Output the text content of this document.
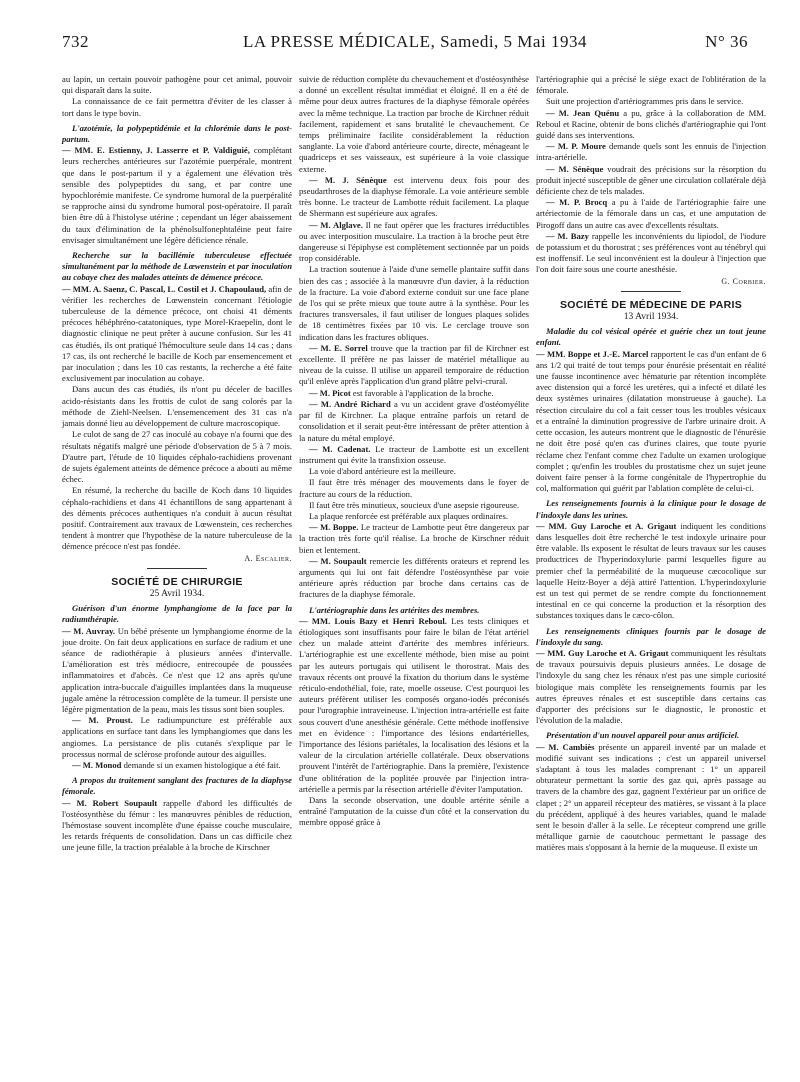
732	LA PRESSE MÉDICALE, Samedi, 5 Mai 1934	N° 36

au lapin, un certain pouvoir pathogène pour cet animal, pouvoir qui disparaît dans la suite.

La connaissance de ce fait permettra d'éviter de les classer à tort dans le type bovin.

L'azotémie, la polypeptidémie et la chlorémie dans le post-partum.
— MM. E. Estienny, J. Lasserre et P. Valdiguié, complétant leurs recherches antérieures sur l'azotémie puerpérale, montrent que dans le post-partum il y a également une élévation très sensible des polypeptides du sang, et par contre une hypochlorémie manifeste. Ce syndrome humoral de la puerpéralité se rapproche ainsi du syndrome humoral post-opératoire. Il paraît bien être dû à l'histolyse utérine ; cependant un léger abaissement du taux d'élimination de la phénolsulfonephtaléine peut faire envisager simultanément une légère déficience rénale.

Recherche sur la bacillémie tuberculeuse effectuée simultanément par la méthode de Lœwenstein et par inoculation au cobaye chez des malades atteints de démence précoce.
— MM. A. Saenz, C. Pascal, L. Costil et J. Chapoulaud, afin de vérifier les recherches de Lœwenstein concernant l'étiologie tuberculeuse de la démence précoce, ont choisi 41 déments précoces hébéphréno-catatoniques, type Morel-Kraepelin, dont le diagnostic clinique ne peut prêter à aucune confusion. Sur les 41 cas étudiés, ils ont pratiqué l'hémoculture seule dans 14 cas ; dans 17 cas, ils ont recherché le bacille de Koch par ensemencement et par inoculation ; dans les 10 cas restants, la recherche a été faite exclusivement par inoculation au cobaye.

Dans aucun des cas étudiés, ils n'ont pu déceler de bacilles acido-résistants dans les frottis de culot de sang colorés par la méthode de Ziehl-Neelsen. L'ensemencement des 31 cas n'a jamais donné lieu au développement de culture macroscopique.

Le culot de sang de 27 cas inoculé au cobaye n'a fourni que des résultats négatifs malgré une période d'observation de 5 à 7 mois. D'autre part, l'étude de 10 liquides céphalo-rachidiens provenant de sujets également atteints de démence précoce a abouti au même échec.

En résumé, la recherche du bacille de Koch dans 10 liquides céphalo-rachidiens et dans 41 échantillons de sang appartenant à des déments précoces authentiques n'a conduit à aucun résultat positif. Contrairement aux travaux de Lœwenstein, ces recherches tendent à montrer que l'hypothèse de la nature tuberculeuse de la démence précoce n'est pas fondée.

A. Escalier.

SOCIÉTÉ DE CHIRURGIE
25 Avril 1934.

Guérison d'un énorme lymphangiome de la face par la radiumthérapie.
— M. Auvray. Un bébé présente un lymphangiome énorme de la joue droite. On fait deux applications en surface de radium et une séance de radiothérapie à plusieurs années d'intervalle. L'amélioration est très médiocre, entrecoupée de poussées inflammatoires et d'abcès. Ce n'est que 12 ans après qu'une application intra-buccale d'aiguilles implantées dans la muqueuse jugale amène la rétrocession complète de la tumeur. Il persiste une légère pigmentation de la peau, mais les tissus sont bien souples.

— M. Proust. Le radiumpuncture est préférable aux applications en surface tant dans les lymphangiomes que dans les angiomes. La persistance de plis cutanés s'explique par le processus normal de sclérose profonde autour des aiguilles.

— M. Monod demande si un examen histologique a été fait.

A propos du traitement sanglant des fractures de la diaphyse fémorale.
— M. Robert Soupault rappelle d'abord les difficultés de l'ostéosynthèse du fémur : les manœuvres pénibles de réduction, l'hémostase souvent incomplète d'une épaisse couche musculaire, les retards fréquents de consolidation. Dans un cas difficile chez une jeune fille, la traction préalable à la broche de Kirschner

suivie de réduction complète du chevauchement et d'ostéosynthèse a donné un excellent résultat immédiat et éloigné. Il en a été de même pour deux autres fractures de la diaphyse fémorale opérées avec la même technique. La traction par broche de Kirchner réduit facilement, rapidement et sans brutalité le chevauchement. Ce temps préliminaire facilite considérablement la réduction sanglante. La voie d'abord antérieure courte, directe, ménageant le quadriceps et ses vaisseaux, est supérieure à la voie classique externe.

— M. J. Sénèque est intervenu deux fois pour des pseudarthroses de la diaphyse fémorale. La voie antérieure semble très bonne. Le tracteur de Lambotte réduit facilement. La plaque de Shermann est supérieure aux agrafes.

— M. Alglave. Il ne faut opérer que les fractures irréductibles ou avec interposition musculaire. La traction à la broche peut être dangereuse si l'épiphyse est complètement sectionnée par un poids trop considérable.

La traction soutenue à l'aide d'une semelle plantaire suffit dans bien des cas ; associée à la manœuvre d'un davier, à la réduction de la fracture. La voie d'abord externe conduit sur une face plane de l'os qui se prête mieux que toute autre à la synthèse. Pour les fractures transversales, il faut utiliser de longues plaques solides de 18 centimètres fixées par 10 vis. Le cerclage trouve son indication dans les fractures obliques.

— M. E. Sorrel trouve que la traction par fil de Kirchner est excellente. Il préfère ne pas laisser de matériel métallique au niveau de la cuisse. Il utilise un appareil temporaire de réduction qu'il enlève après l'application d'un grand plâtre pelvi-crural.

— M. Picot est favorable à l'application de la broche.

— M. André Richard a vu un accident grave d'ostéomyélite par fil de Kirchner. La plaque entraîne parfois un retard de consolidation et il serait peut-être intéressant de prêter attention à la nature du métal employé.

— M. Cadenat. Le tracteur de Lambotte est un excellent instrument qui évite la transfixion osseuse.

La voie d'abord antérieure est la meilleure.

Il faut être très ménager des mouvements dans le foyer de fracture au cours de la réduction.

Il faut être très minutieux, soucieux d'une asepsie rigoureuse.

La plaque renforcée est préférable aux plaques ordinaires.

— M. Boppe. Le tracteur de Lambotte peut être dangereux par la traction très forte qu'il réalise. La broche de Kirschner réduit bien et lentement.

— M. Soupault remercie les différents orateurs et reprend les arguments qui lui ont fait défendre l'ostéosynthèse par voie antérieure après réduction par broche dans certains cas de fractures de la diaphyse fémorale.

L'artériographie dans les artérites des membres.
— MM. Louis Bazy et Henri Reboul. Les tests cliniques et étiologiques sont insuffisants pour faire le bilan de l'état artériel chez un malade atteint d'artérite des membres inférieurs. L'artériographie est une excellente méthode, bien mise au point par les auteurs portugais qui utilisent le thorostrat. Mais des travaux récents ont prouvé la fixation du thorium dans le système réticulo-endothélial, foie, rate, moelle osseuse. C'est pourquoi les auteurs préfèrent utiliser les composés organo-iodés préconisés pour l'urographie intraveineuse. L'injection intra-artérielle est faite sous couvert d'une anesthésie générale. Cette méthode inoffensive met en évidence : l'importance des lésions endartérielles, l'importance des lésions pariétales, la localisation des lésions et la valeur de la circulation artérielle collatérale. Deux observations prouvent l'intérêt de l'artériographie. Dans la première, l'existence d'une oblitération de la poplitée prouvée par l'injection intra-artérielle a permis par la résection artérielle d'éviter l'amputation.

Dans la seconde observation, une double artérite sénile a entraîné l'amputation de la cuisse d'un côté et la conservation du membre opposé grâce à

l'artériographie qui a précisé le siège exact de l'oblitération de la fémorale.

Suit une projection d'artériogrammes pris dans le service.

— M. Jean Quénu a pu, grâce à la collaboration de MM. Reboul et Racine, obtenir de bons clichés d'artériographie qui l'ont guidé dans ses interventions.

— M. P. Moure demande quels sont les ennuis de l'injection intra-artérielle.

— M. Sénèque voudrait des précisions sur la résorption du produit injecté susceptible de gêner une circulation collatérale déjà déficiente chez de tels malades.

— M. P. Brocq a pu à l'aide de l'artériographie faire une artériectomie de la fémorale dans un cas, et une amputation de Pirogoff dans un autre cas avec d'excellents résultats.

— M. Bazy rappelle les inconvénients du lipiodol, de l'iodure de potassium et du thorostrat ; ses préférences vont au ténébryl qui est inoffensif. Le seul inconvénient est la douleur à l'injection que l'on doit faire sous une courte anesthésie.

G. Corbier.

SOCIÉTÉ DE MÉDECINE DE PARIS
13 Avril 1934.

Maladie du col vésical opérée et guérie chez un tout jeune enfant.
— MM. Boppe et J.-E. Marcel rapportent le cas d'un enfant de 6 ans 1/2 qui traité de tout temps pour énurésie présentait en réalité une fausse incontinence avec hématurie par rétention incomplète avec distension qui a forcé les uretères, qui a infecté et dilaté les deux systèmes urinaires (dilatation monstrueuse à gauche). La résection circulaire du col a fait cesser tous les troubles vésicaux et a entraîné la diminution progressive de l'arbre urinaire droit. A cette occasion, les auteurs montrent que le diagnostic de l'énurésie ne doit être posé qu'en cas d'urines claires, que toute pyurie réclame chez l'enfant comme chez l'adulte un examen urologique complet ; qu'enfin les troubles du prostatisme chez un sujet jeune doivent faire penser à la forme congénitale de l'hypertrophie du col, malformation qui guérit par l'ablation complète de celui-ci.

Les renseignements fournis à la clinique pour le dosage de l'indoxyle dans les urines.
— MM. Guy Laroche et A. Grigaut indiquent les conditions dans lesquelles doit être recherché le test indoxyle urinaire pour être valable. Ils exposent le résultat de leurs travaux sur les causes productrices de l'hyperindoxylurie parmi lesquelles figure au premier chef la perméabilité de la muqueuse cæcocolique sur laquelle Heitz-Boyer a déjà attiré l'attention. L'hyperindoxylurie est un test qui permet de se rendre compte du fonctionnement intestinal en ce qui concerne la production et la résorption des substances toxiques dans le cæco-côlon.

Les renseignements cliniques fournis par le dosage de l'indoxyle du sang.
— MM. Guy Laroche et A. Grigaut communiquent les résultats de travaux poursuivis depuis plusieurs années. Le dosage de l'indoxyle du sang chez les rénaux n'est pas une simple curiosité biologique mais complète les renseignements fournis par les autres épreuves rénales et est susceptible dans certains cas d'apporter des précisions sur le diagnostic, le pronostic et l'évolution de la maladie.

Présentation d'un nouvel appareil pour anus artificiel.
— M. Cambiès présente un appareil inventé par un malade et modifié suivant ses indications ; c'est un appareil universel s'adaptant à tous les malades comprenant : 1° un appareil obturateur permettant la sortie des gaz qui, après passage au travers de la chambre des gaz, gagnent l'extérieur par un orifice de clapet ; 2° un appareil récepteur des matières, se vissant à la place du précédent, appliqué à des heures variables, quand le malade sent le besoin d'aller à la selle. Le récepteur comprend une grille métallique garnie de caoutchouc permettant le passage des matières mais s'opposant à la hernie de la muqueuse. Il existe un
